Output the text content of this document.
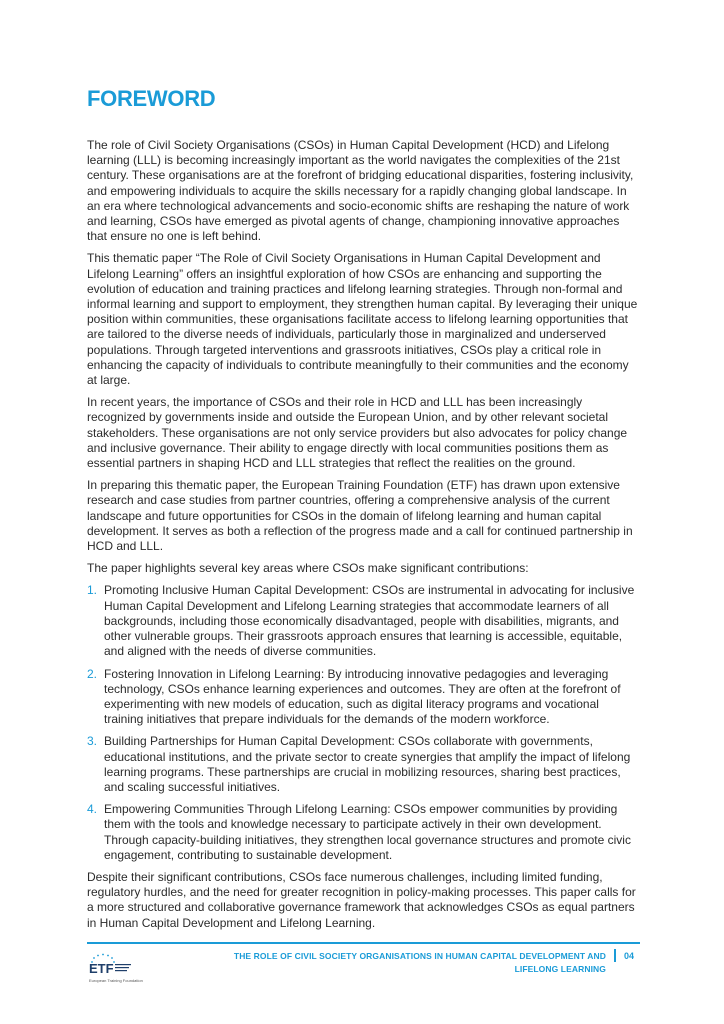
FOREWORD

The role of Civil Society Organisations (CSOs) in Human Capital Development (HCD) and Lifelong learning (LLL) is becoming increasingly important as the world navigates the complexities of the 21st century. These organisations are at the forefront of bridging educational disparities, fostering inclusivity, and empowering individuals to acquire the skills necessary for a rapidly changing global landscape. In an era where technological advancements and socio-economic shifts are reshaping the nature of work and learning, CSOs have emerged as pivotal agents of change, championing innovative approaches that ensure no one is left behind.

This thematic paper “The Role of Civil Society Organisations in Human Capital Development and Lifelong Learning” offers an insightful exploration of how CSOs are enhancing and supporting the evolution of education and training practices and lifelong learning strategies. Through non-formal and informal learning and support to employment, they strengthen human capital. By leveraging their unique position within communities, these organisations facilitate access to lifelong learning opportunities that are tailored to the diverse needs of individuals, particularly those in marginalized and underserved populations. Through targeted interventions and grassroots initiatives, CSOs play a critical role in enhancing the capacity of individuals to contribute meaningfully to their communities and the economy at large.

In recent years, the importance of CSOs and their role in HCD and LLL has been increasingly recognized by governments inside and outside the European Union, and by other relevant societal stakeholders. These organisations are not only service providers but also advocates for policy change and inclusive governance. Their ability to engage directly with local communities positions them as essential partners in shaping HCD and LLL strategies that reflect the realities on the ground.

In preparing this thematic paper, the European Training Foundation (ETF) has drawn upon extensive research and case studies from partner countries, offering a comprehensive analysis of the current landscape and future opportunities for CSOs in the domain of lifelong learning and human capital development. It serves as both a reflection of the progress made and a call for continued partnership in HCD and LLL.

The paper highlights several key areas where CSOs make significant contributions:

1. Promoting Inclusive Human Capital Development: CSOs are instrumental in advocating for inclusive Human Capital Development and Lifelong Learning strategies that accommodate learners of all backgrounds, including those economically disadvantaged, people with disabilities, migrants, and other vulnerable groups. Their grassroots approach ensures that learning is accessible, equitable, and aligned with the needs of diverse communities.
2. Fostering Innovation in Lifelong Learning: By introducing innovative pedagogies and leveraging technology, CSOs enhance learning experiences and outcomes. They are often at the forefront of experimenting with new models of education, such as digital literacy programs and vocational training initiatives that prepare individuals for the demands of the modern workforce.
3. Building Partnerships for Human Capital Development: CSOs collaborate with governments, educational institutions, and the private sector to create synergies that amplify the impact of lifelong learning programs. These partnerships are crucial in mobilizing resources, sharing best practices, and scaling successful initiatives.
4. Empowering Communities Through Lifelong Learning: CSOs empower communities by providing them with the tools and knowledge necessary to participate actively in their own development. Through capacity-building initiatives, they strengthen local governance structures and promote civic engagement, contributing to sustainable development.

Despite their significant contributions, CSOs face numerous challenges, including limited funding, regulatory hurdles, and the need for greater recognition in policy-making processes. This paper calls for a more structured and collaborative governance framework that acknowledges CSOs as equal partners in Human Capital Development and Lifelong Learning.

ETF
European Training Foundation
THE ROLE OF CIVIL SOCIETY ORGANISATIONS IN HUMAN CAPITAL DEVELOPMENT AND
LIFELONG LEARNING
04
